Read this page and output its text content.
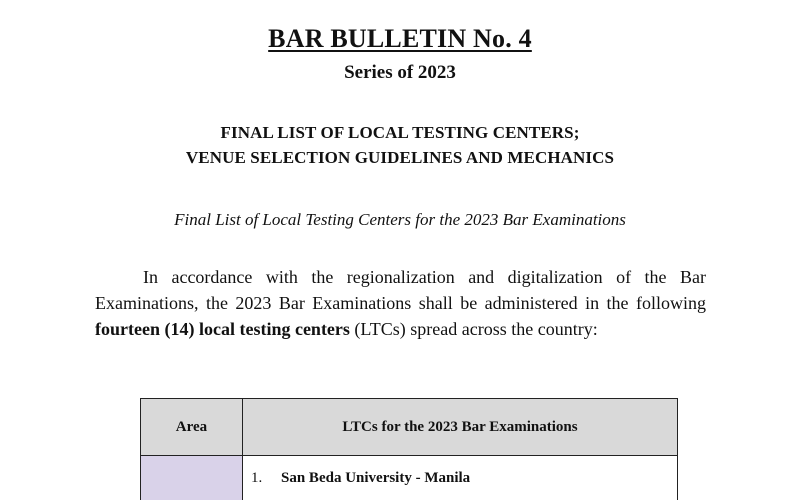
BAR BULLETIN No. 4
Series of 2023
FINAL LIST OF LOCAL TESTING CENTERS;
VENUE SELECTION GUIDELINES AND MECHANICS
Final List of Local Testing Centers for the 2023 Bar Examinations

In accordance with the regionalization and digitalization of the Bar Examinations, the 2023 Bar Examinations shall be administered in the following fourteen (14) local testing centers (LTCs) spread across the country:

Area	LTCs for the 2023 Bar Examinations
	1. San Beda University - Manila
